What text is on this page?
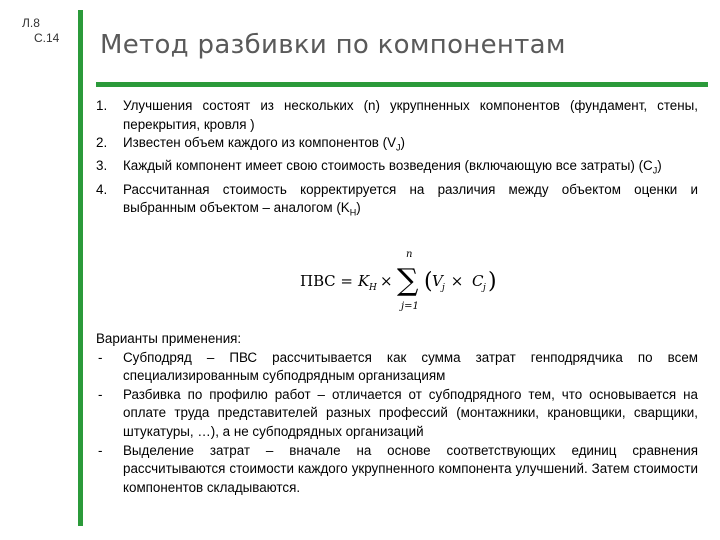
Л.8
С.14 Метод разбивки по компонентам
1. Улучшения состоят из нескольких (n) укрупненных компонентов (фундамент, стены, перекрытия, кровля )
2. Известен объем каждого из компонентов $(V_J)$
3. Каждый компонент имеет свою стоимость возведения (включающую все затраты) $(C_J)$
4. Рассчитанная стоимость корректируется на различия между объектом оценки и выбранным объектом – аналогом $(K_H)$
ПВС = K H ×
n
∑
j=1
( V j × C j )
Варианты применения:
- Субподряд – ПВС рассчитывается как сумма затрат генподрядчика по всем специализированным субподрядным организациям
- Разбивка по профилю работ – отличается от субподрядного тем, что основывается на оплате труда представителей разных профессий (монтажники, крановщики, сварщики, штукатуры, …), а не субподрядных организаций
- Выделение затрат – вначале на основе соответствующих единиц сравнения рассчитываются стоимости каждого укрупненного компонента улучшений. Затем стоимости компонентов складываются.
